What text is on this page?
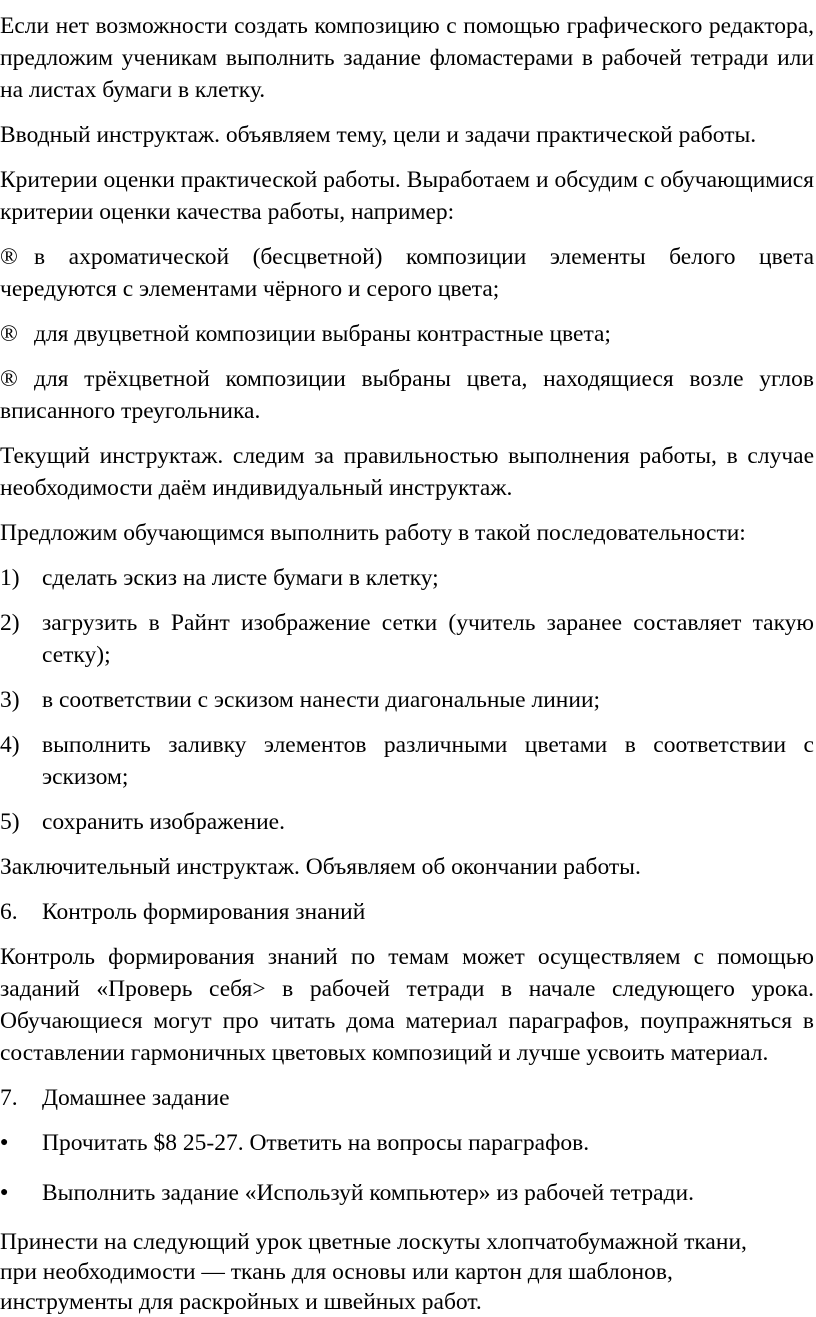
Если нет возможности создать композицию с помощью графического редактора, предложим ученикам выполнить задание фломастерами в рабочей тетради или на листах бумаги в клетку.

Вводный инструктаж. объявляем тему, цели и задачи практической работы.

Критерии оценки практической работы. Выработаем и обсудим с обучающимися критерии оценки качества работы, например:

® в ахроматической (бесцветной) композиции элементы белого цвета чередуются с элементами чёрного и серого цвета;
® для двуцветной композиции выбраны контрастные цвета;
® для трёхцветной композиции выбраны цвета, находящиеся возле углов вписанного треугольника.

Текущий инструктаж. следим за правильностью выполнения работы, в случае необходимости даём индивидуальный инструктаж.

Предложим обучающимся выполнить работу в такой последовательности:

1) сделать эскиз на листе бумаги в клетку;
2) загрузить в Райнт изображение сетки (учитель заранее составляет такую сетку);
3) в соответствии с эскизом нанести диагональные линии;
4) выполнить заливку элементов различными цветами в соответствии с эскизом;
5) сохранить изображение.

Заключительный инструктаж. Объявляем об окончании работы.

6.	Контроль формирования знаний

Контроль формирования знаний по темам может осуществляем с помощью заданий «Проверь себя> в рабочей тетради в начале следующего урока. Обучающиеся могут про читать дома материал параграфов, поупражняться в составлении гармоничных цветовых композиций и лучше усвоить материал.

7.	Домашнее задание
●	Прочитать $8 25-27. Ответить на вопросы параграфов.
●	Выполнить задание «Используй компьютер» из рабочей тетради.
Принести на следующий урок цветные лоскуты хлопчатобумажной ткани,
при необходимости — ткань для основы или картон для шаблонов,
инструменты для раскройных и швейных работ.
